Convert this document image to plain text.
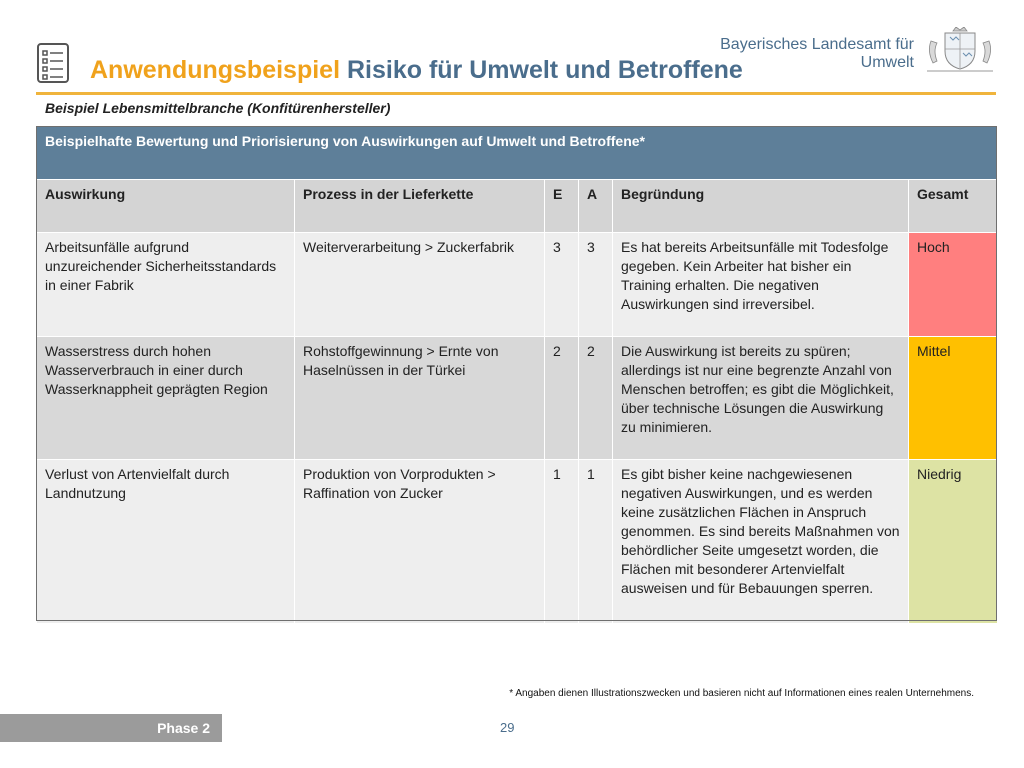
Anwendungsbeispiel Risiko für Umwelt und Betroffene
Bayerisches Landesamt für
Umwelt
Beispiel Lebensmittelbranche (Konfitürenhersteller)
Beispielhafte Bewertung und Priorisierung von Auswirkungen auf Umwelt und Betroffene*					
Auswirkung	Prozess in der Lieferkette	E	A	Begründung	Gesamt
Arbeitsunfälle aufgrund unzureichender Sicherheitsstandards in einer Fabrik	Weiterverarbeitung > Zuckerfabrik	3	3	Es hat bereits Arbeitsunfälle mit Todesfolge gegeben. Kein Arbeiter hat bisher ein Training erhalten. Die negativen Auswirkungen sind irreversibel.	Hoch
Wasserstress durch hohen Wasserverbrauch in einer durch Wasserknappheit geprägten Region	Rohstoffgewinnung > Ernte von Haselnüssen in der Türkei	2	2	Die Auswirkung ist bereits zu spüren; allerdings ist nur eine begrenzte Anzahl von Menschen betroffen; es gibt die Möglichkeit, über technische Lösungen die Auswirkung zu minimieren.	Mittel
Verlust von Artenvielfalt durch Landnutzung	Produktion von Vorprodukten > Raffination von Zucker	1	1	Es gibt bisher keine nachgewiesenen negativen Auswirkungen, und es werden keine zusätzlichen Flächen in Anspruch genommen. Es sind bereits Maßnahmen von behördlicher Seite umgesetzt worden, die Flächen mit besonderer Artenvielfalt ausweisen und für Bebauungen sperren.	Niedrig
* Angaben dienen Illustrationszwecken und basieren nicht auf Informationen eines realen Unternehmens.
Phase 2	29
